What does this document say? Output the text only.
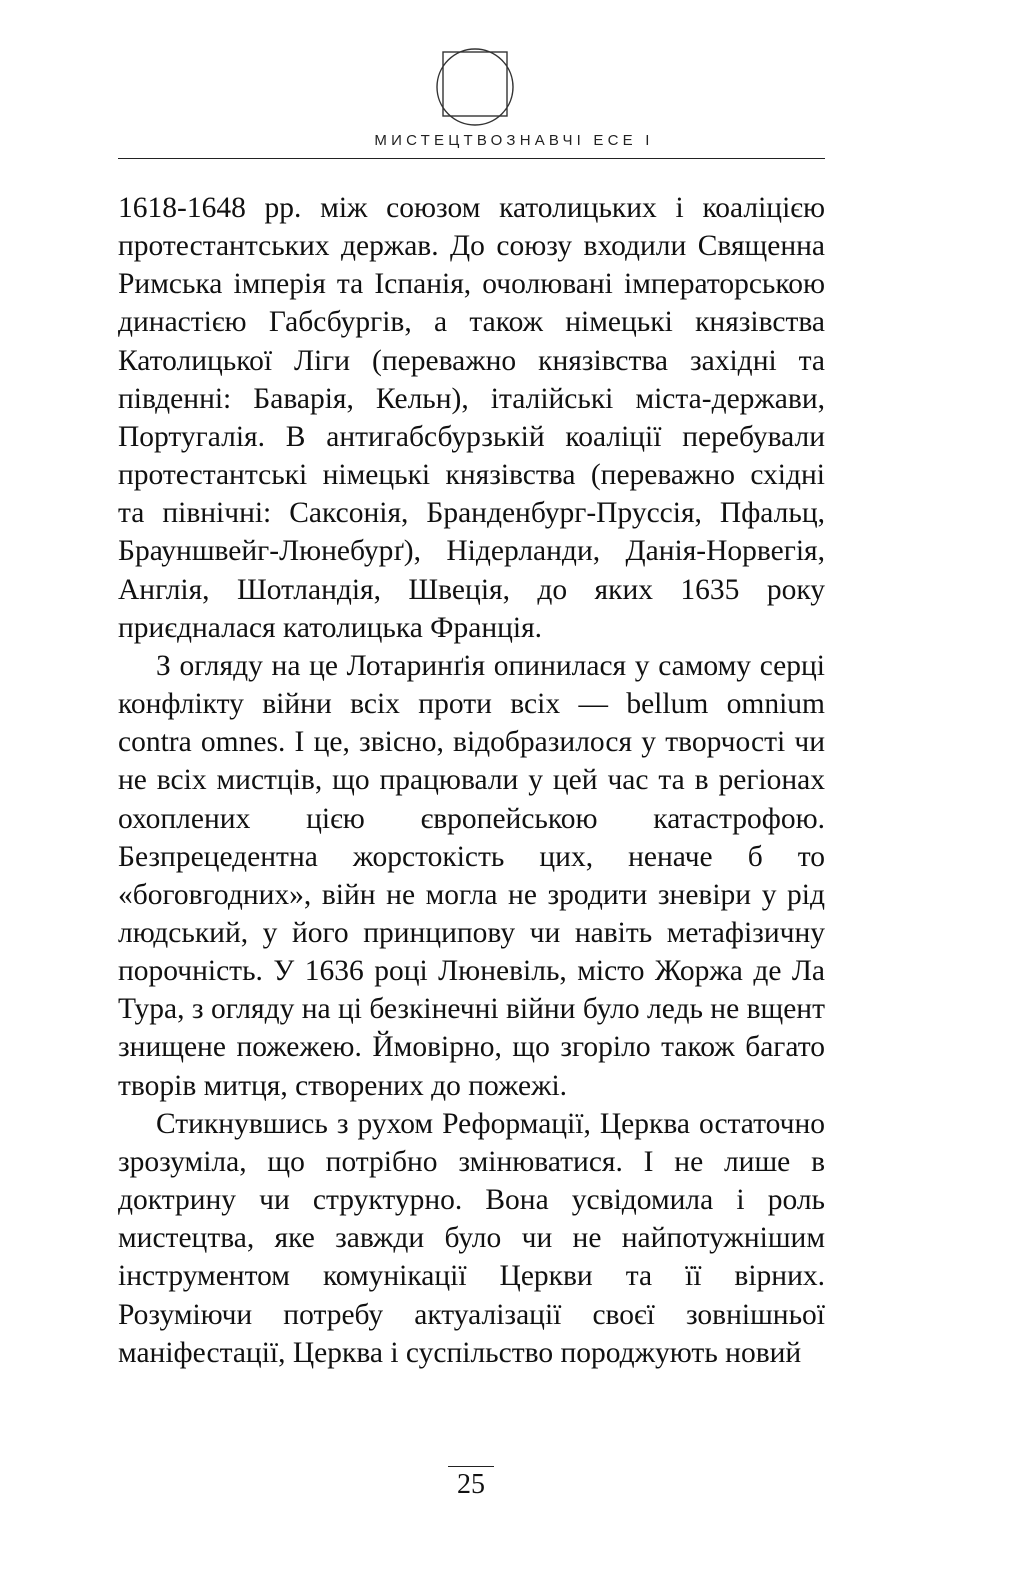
МИСТЕЦТВОЗНАВЧІ ЕСЕ І

1618-1648 рр. між союзом католицьких і коаліцією протестантських держав. До союзу входили Священна Римська імперія та Іспанія, очолювані імператорською династією Габсбургів, а також німецькі князівства Католицької Ліги (переважно князівства західні та південні: Баварія, Кельн), італійські міста-держави, Португалія. В антигабсбурзькій коаліції перебували протестантські німецькі князівства (переважно східні та північні: Саксонія, Бранденбург-Пруссія, Пфальц, Брауншвейг-Люнебурґ), Нідерланди, Данія-Норвегія, Англія, Шотландія, Швеція, до яких 1635 року приєдналася католицька Франція.

З огляду на це Лотаринґія опинилася у самому серці конфлікту війни всіх проти всіх — bellum omnium contra omnes. І це, звісно, відобразилося у творчості чи не всіх мистців, що працювали у цей час та в регіонах охоплених цією європейською катастрофою. Безпрецедентна жорстокість цих, неначе б то «боговгодних», війн не могла не зродити зневіри у рід людський, у його принципову чи навіть метафізичну порочність. У 1636 році Люневіль, місто Жоржа де Ла Тура, з огляду на ці безкінечні війни було ледь не вщент знищене пожежею. Ймовірно, що згоріло також багато творів митця, створених до пожежі.

Стикнувшись з рухом Реформації, Церква остаточно зрозуміла, що потрібно змінюватися. І не лише в доктрину чи структурно. Вона усвідомила і роль мистецтва, яке завжди було чи не найпотужнішим інструментом комунікації Церкви та її вірних. Розуміючи потребу актуалізації своєї зовнішньої маніфестації, Церква і суспільство породжують новий

25
